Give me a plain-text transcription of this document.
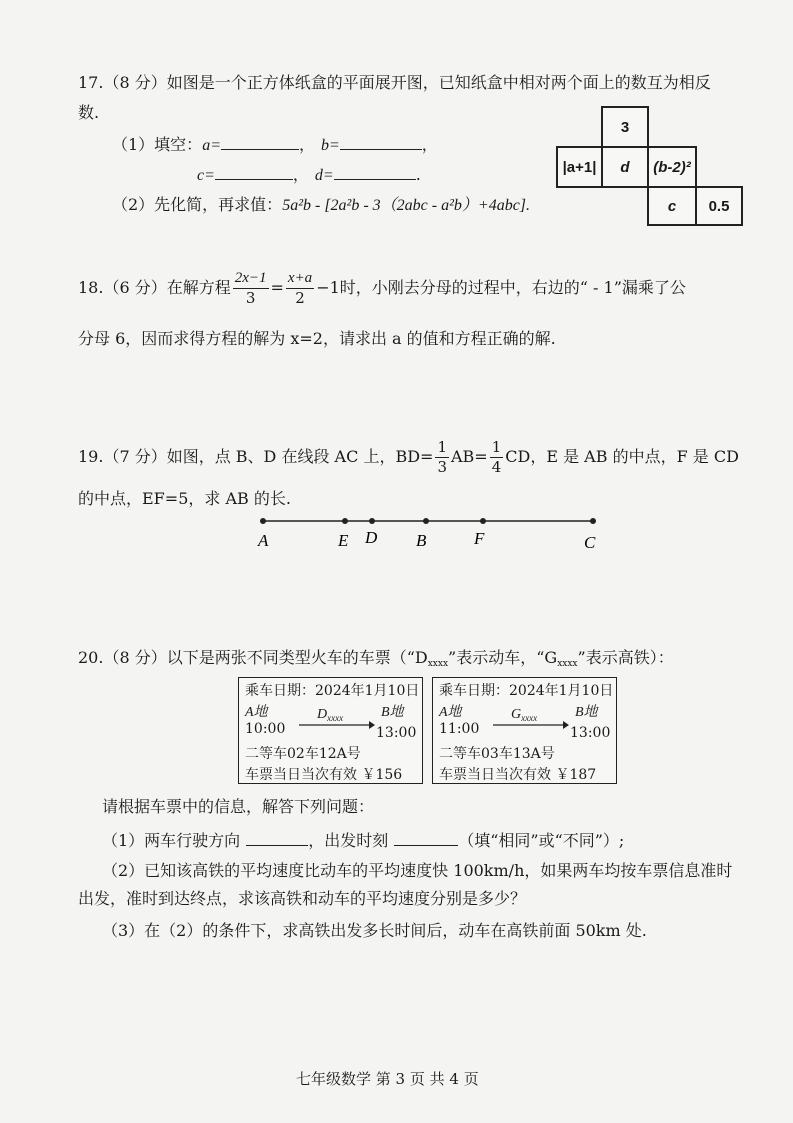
17.（8 分）如图是一个正方体纸盒的平面展开图，已知纸盒中相对两个面上的数互为相反
数.
（1）填空：a=	， b=	，
c=	， d=	.
（2）先化简，再求值：5a²b - [2a²b - 3（2abc - a²b）+4abc].
3
|a+1|	d	(b-2)²
c	0.5
18.（6 分）在解方程 $\frac{2x-1}{3} = \frac{x+a}{2} -1$时，小刚去分母的过程中，右边的“ - 1”漏乘了公
分母 6，因而求得方程的解为 x=2，请求出 a 的值和方程正确的解.
19.（7 分）如图，点 B、D 在线段 AC 上，$BD= \frac{1}{3} AB= \frac{1}{4}$ CD，E 是 AB 的中点，F 是 CD
的中点，EF=5，求 AB 的长.
A	E D B	F	C
20.（8 分）以下是两张不同类型火车的车票（“$D_{xxxx}$”表示动车，“$G_{xxxx}$”表示高铁）：
乘车日期：2024年1月10日
A地	$D_{xxxx}$	B地
10:00	13:00
二等车02车12A号
车票当日当次有效 ￥156
乘车日期：2024年1月10日
A地	$G_{xxxx}$	B地
11:00	13:00
二等车03车13A号
车票当日当次有效 ￥187
请根据车票中的信息，解答下列问题：
（1）两车行驶方向	，出发时刻	（填“相同”或“不同”）;
（2）已知该高铁的平均速度比动车的平均速度快 100km/h，如果两车均按车票信息准时
出发，准时到达终点，求该高铁和动车的平均速度分别是多少？
（3）在（2）的条件下，求高铁出发多长时间后，动车在高铁前面 50km 处.
七年级数学 第 3 页 共 4 页
